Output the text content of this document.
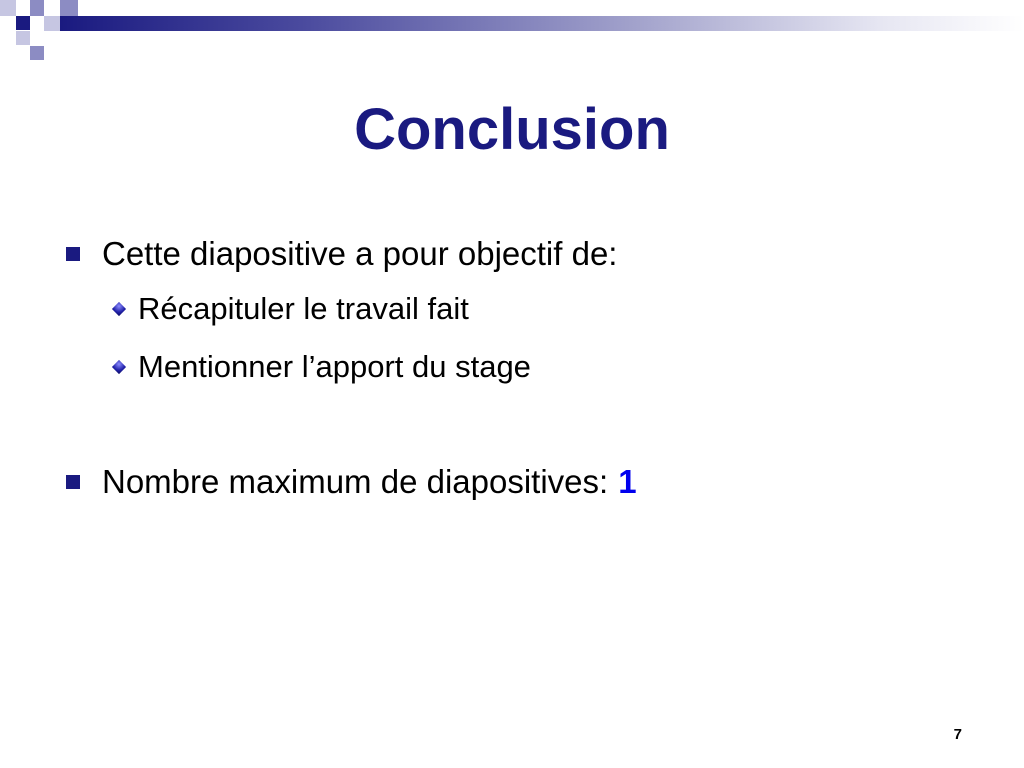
Conclusion
Cette diapositive a pour objectif de:
Récapituler le travail fait
Mentionner l’apport du stage
Nombre maximum de diapositives: 1
7
